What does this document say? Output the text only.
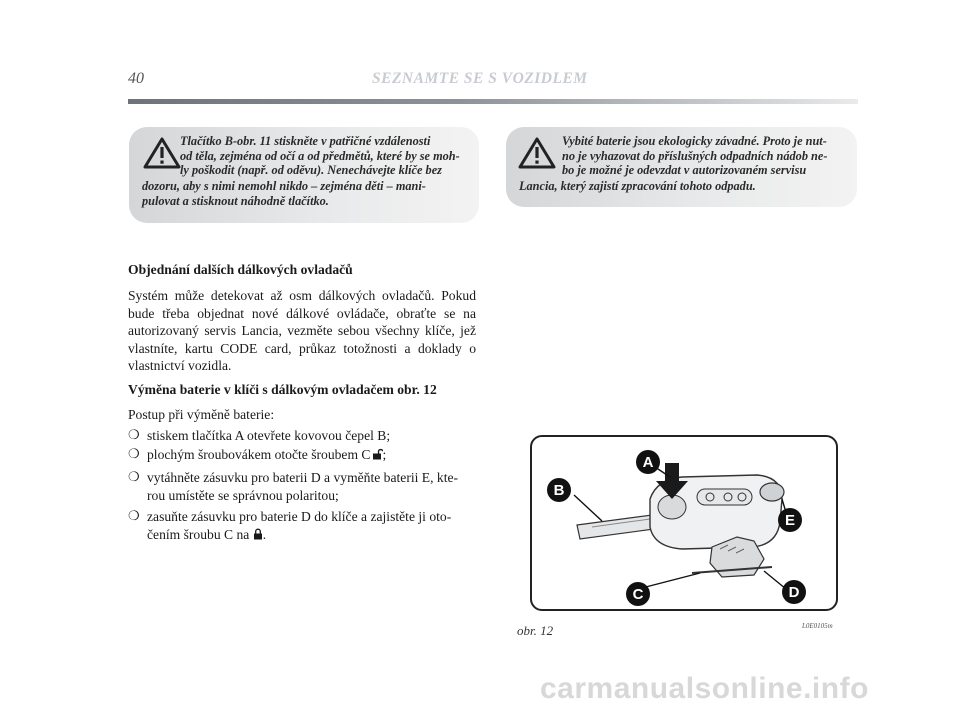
40	SEZNAMTE SE S VOZIDLEM
Tlačítko B-obr. 11 stiskněte v patřičné vzdálenosti
od těla, zejména od očí a od předmětů, které by se moh-
ly poškodit (např. od oděvu). Nenechávejte klíče bez
dozoru, aby s nimi nemohl nikdo – zejména děti – mani-
pulovat a stisknout náhodně tlačítko.
Vybité baterie jsou ekologicky závadné. Proto je nut-
no je vyhazovat do příslušných odpadních nádob ne-
bo je možné je odevzdat v autorizovaném servisu
Lancia, který zajistí zpracování tohoto odpadu.
Objednání dalších dálkových ovladačů
Systém může detekovat až osm dálkových ovladačů. Pokud bude třeba objednat nové dálkové ovládače, obraťte se na autorizovaný servis Lancia, vezměte sebou všechny klíče, jež vlastníte, kartu CODE card, průkaz totožnosti a doklady o vlastnictví vozidla.
Výměna baterie v klíči s dálkovým ovladačem obr. 12
Postup při výměně baterie:
❍ stiskem tlačítka A otevřete kovovou čepel B;
❍ plochým šroubovákem otočte šroubem C ;
❍ vytáhněte zásuvku pro baterii D a vyměňte baterii E, kte-
rou umístěte se správnou polaritou;
❍ zasuňte zásuvku pro baterie D do klíče a zajistěte ji oto-
čením šroubu C na .
A
B
C	D
E
obr. 12	L0E0105m
carmanualsonline.info
